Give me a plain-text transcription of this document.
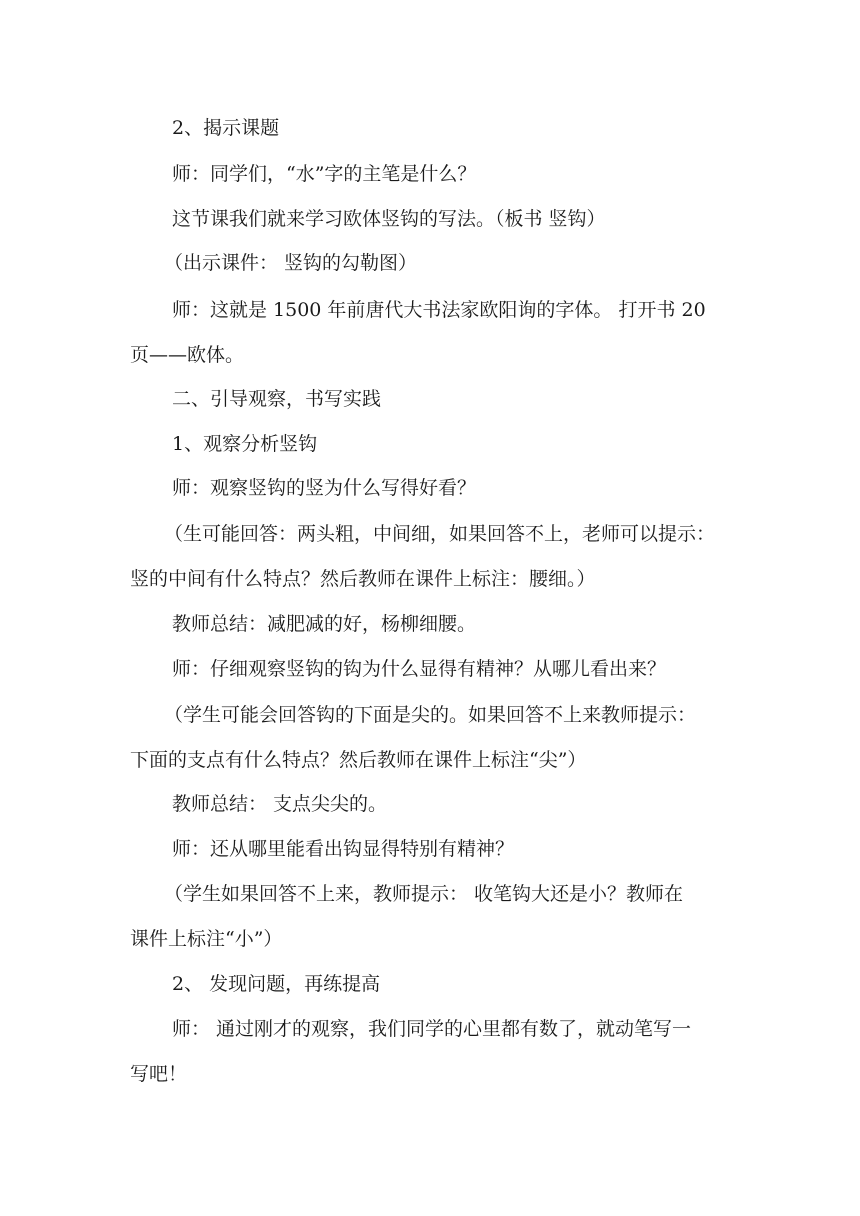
2、揭示课题

师：同学们，“水”字的主笔是什么？

这节课我们就来学习欧体竖钩的写法。（板书 竖钩）

（出示课件： 竖钩的勾勒图）

师：这就是 1500 年前唐代大书法家欧阳询的字体。 打开书 20
页——欧体。

二、引导观察，书写实践

1、观察分析竖钩

师：观察竖钩的竖为什么写得好看？

（生可能回答：两头粗，中间细，如果回答不上，老师可以提示：
竖的中间有什么特点？然后教师在课件上标注：腰细。）

教师总结：减肥减的好，杨柳细腰。

师：仔细观察竖钩的钩为什么显得有精神？从哪儿看出来？

（学生可能会回答钩的下面是尖的。如果回答不上来教师提示：
下面的支点有什么特点？然后教师在课件上标注“尖”）

教师总结： 支点尖尖的。

师：还从哪里能看出钩显得特别有精神？

（学生如果回答不上来，教师提示： 收笔钩大还是小？教师在
课件上标注“小”）

2、 发现问题，再练提高

师： 通过刚才的观察，我们同学的心里都有数了，就动笔写一
写吧！
